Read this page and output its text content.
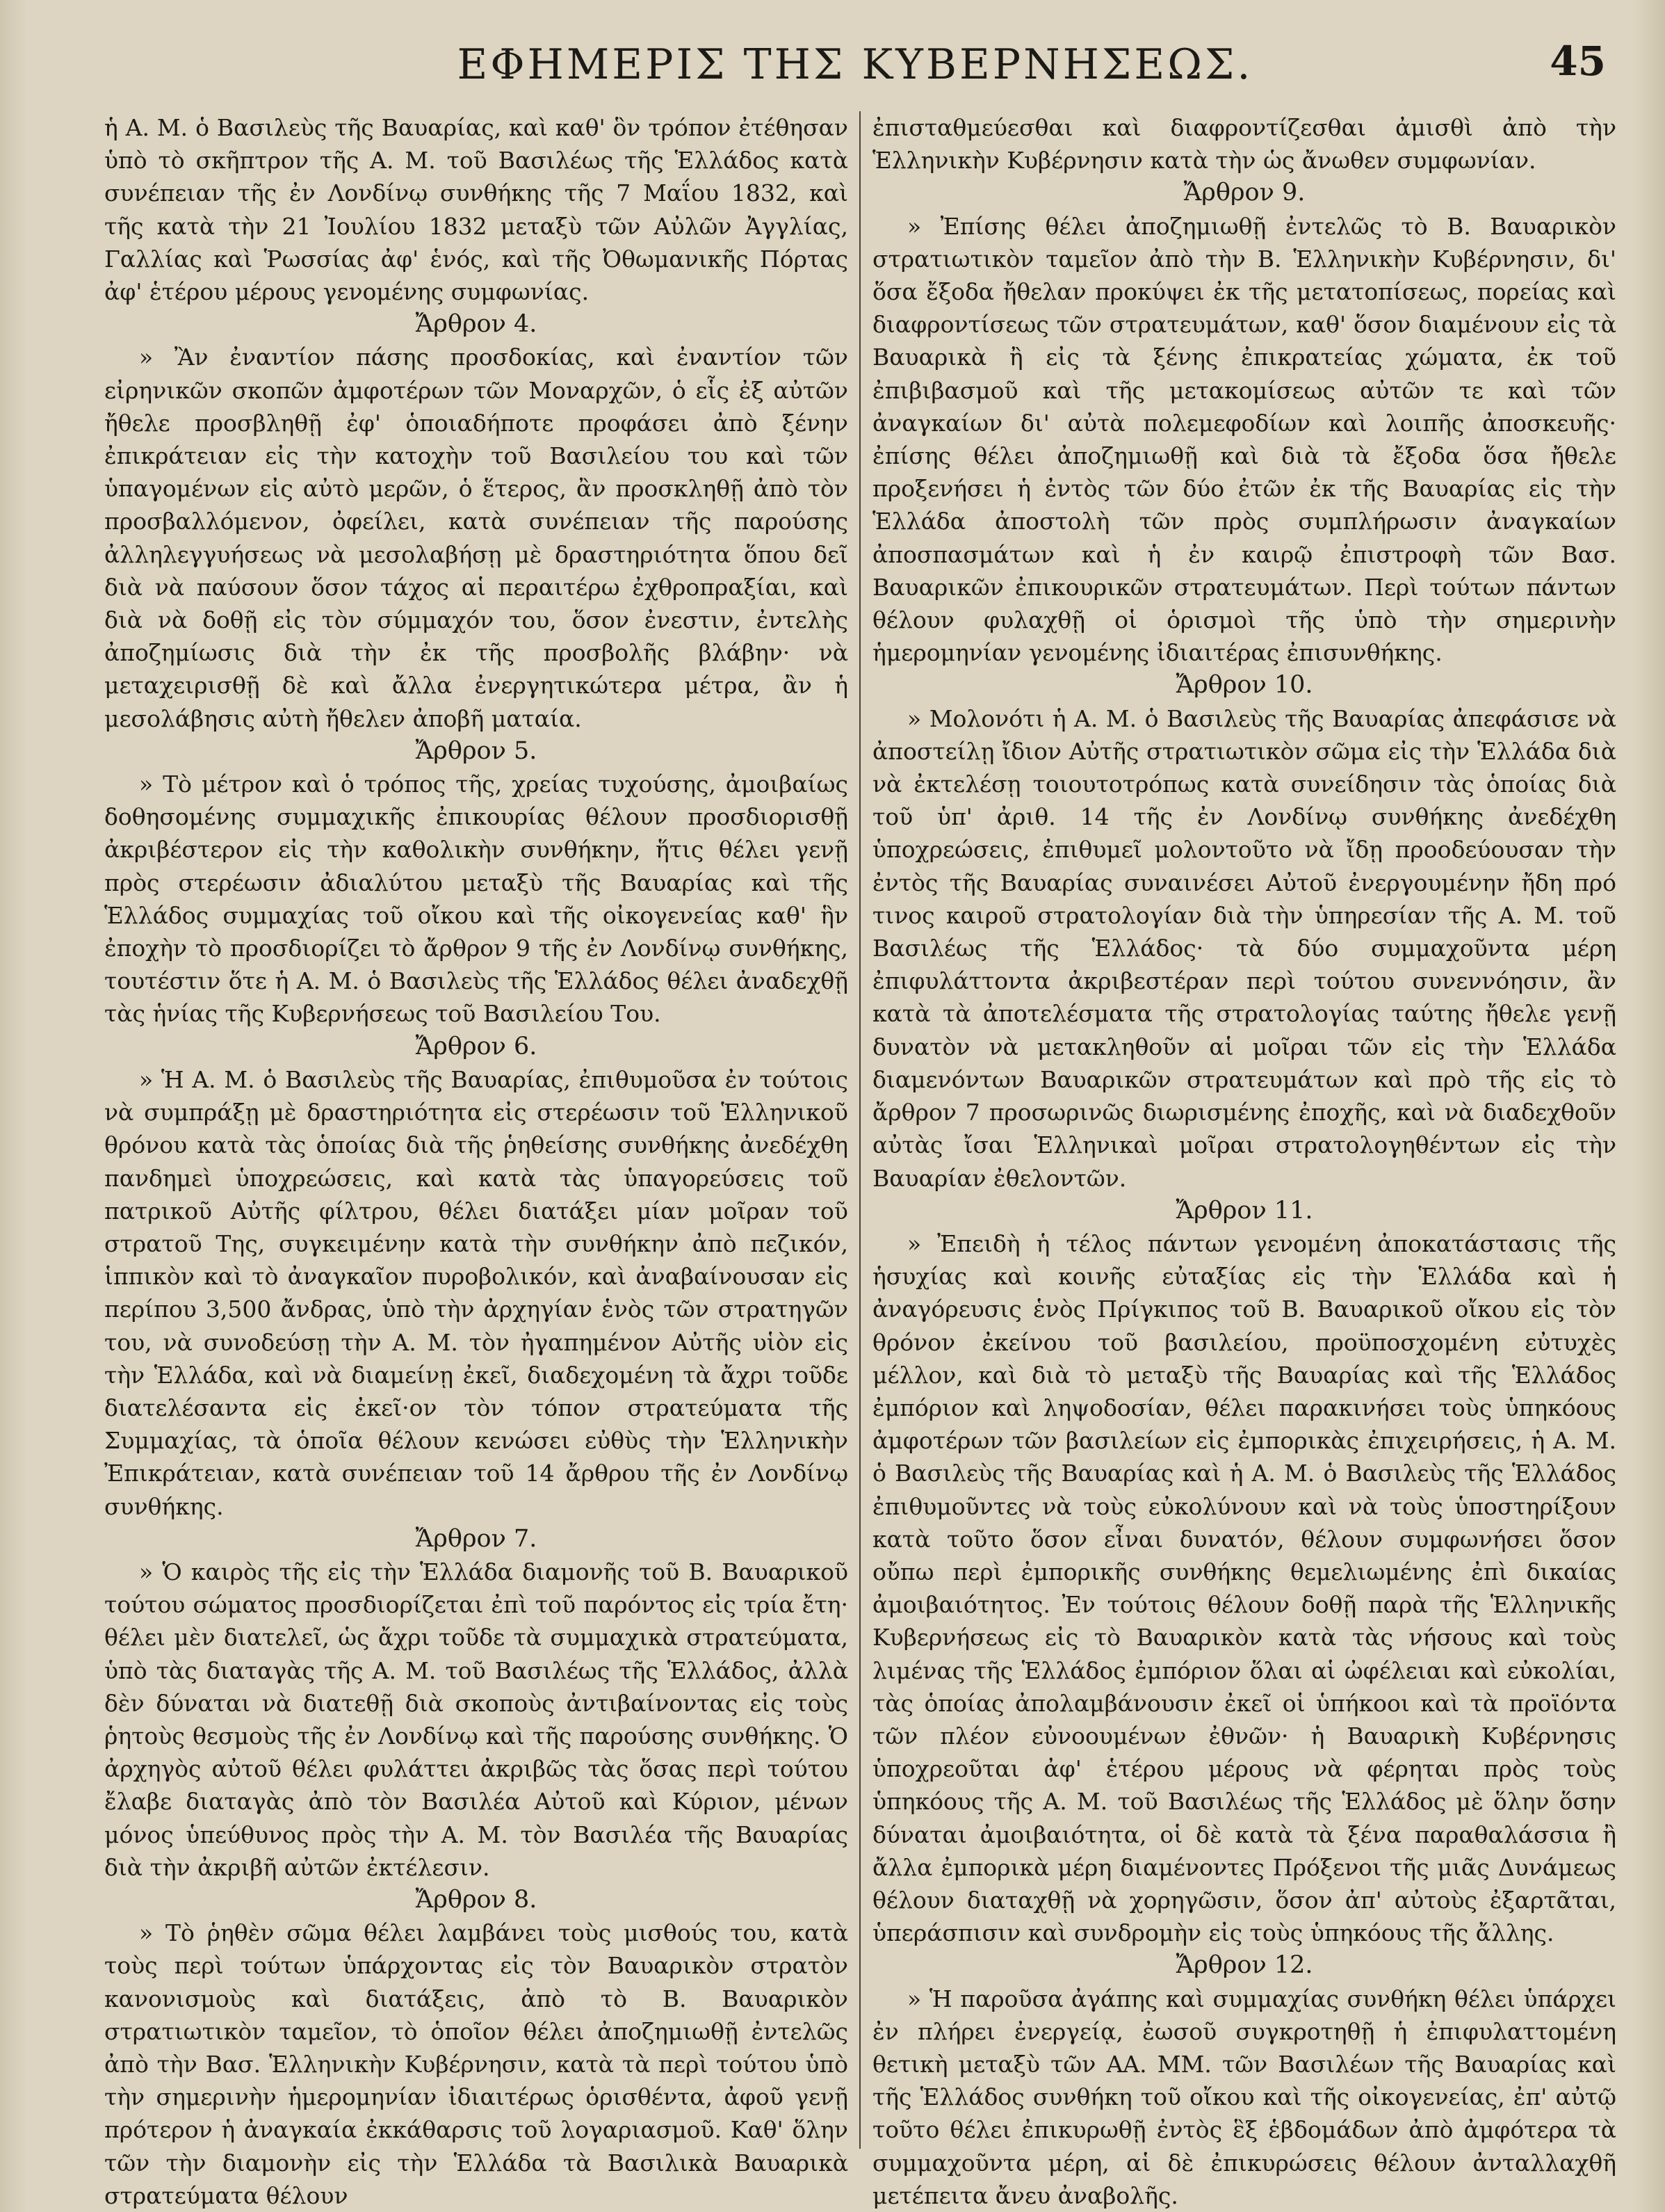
ΕΦΗΜΕΡΙΣ ΤΗΣ ΚΥΒΕΡΝΗΣΕΩΣ.	45

ἡ Α. Μ. ὁ Βασιλεὺς τῆς Βαυαρίας, καὶ καθ' ὃν τρόπον ἐτέθησαν ὑπὸ τὸ σκῆπτρον τῆς Α. Μ. τοῦ Βασιλέως τῆς Ἑλλάδος κατὰ συνέπειαν τῆς ἐν Λονδίνῳ συνθήκης τῆς 7 Μαΐου 1832, καὶ τῆς κατὰ τὴν 21 Ἰουλίου 1832 μεταξὺ τῶν Αὐλῶν Ἀγγλίας, Γαλλίας καὶ Ῥωσσίας ἀφ' ἑνός, καὶ τῆς Ὀθωμανικῆς Πόρτας ἀφ' ἑτέρου μέρους γενομένης συμφωνίας.

Ἄρθρον 4.

» Ἂν ἐναντίον πάσης προσδοκίας, καὶ ἐναντίον τῶν εἰρηνικῶν σκοπῶν ἀμφοτέρων τῶν Μοναρχῶν, ὁ εἷς ἐξ αὐτῶν ἤθελε προσβληθῇ ἐφ' ὁποιαδήποτε προφάσει ἀπὸ ξένην ἐπικράτειαν εἰς τὴν κατοχὴν τοῦ Βασιλείου του καὶ τῶν ὑπαγομένων εἰς αὐτὸ μερῶν, ὁ ἕτερος, ἂν προσκληθῇ ἀπὸ τὸν προσβαλλόμενον, ὀφείλει, κατὰ συνέπειαν τῆς παρούσης ἀλληλεγγυήσεως νὰ μεσολαβήσῃ μὲ δραστηριότητα ὅπου δεῖ διὰ νὰ παύσουν ὅσον τάχος αἱ περαιτέρω ἐχθροπραξίαι, καὶ διὰ νὰ δοθῇ εἰς τὸν σύμμαχόν του, ὅσον ἐνεστιν, ἐντελὴς ἀποζημίωσις διὰ τὴν ἐκ τῆς προσβολῆς βλάβην· νὰ μεταχειρισθῇ δὲ καὶ ἄλλα ἐνεργητικώτερα μέτρα, ἂν ἡ μεσολάβησις αὐτὴ ἤθελεν ἀποβῆ ματαία.

Ἄρθρον 5.

» Τὸ μέτρον καὶ ὁ τρόπος τῆς, χρείας τυχούσης, ἀμοιβαίως δοθησομένης συμμαχικῆς ἐπικουρίας θέλουν προσδιορισθῇ ἀκριβέστερον εἰς τὴν καθολικὴν συνθήκην, ἥτις θέλει γενῇ πρὸς στερέωσιν ἀδιαλύτου μεταξὺ τῆς Βαυαρίας καὶ τῆς Ἑλλάδος συμμαχίας τοῦ οἴκου καὶ τῆς οἰκογενείας καθ' ἣν ἐποχὴν τὸ προσδιορίζει τὸ ἄρθρον 9 τῆς ἐν Λονδίνῳ συνθήκης, τουτέστιν ὅτε ἡ Α. Μ. ὁ Βασιλεὺς τῆς Ἑλλάδος θέλει ἀναδεχθῇ τὰς ἡνίας τῆς Κυβερνήσεως τοῦ Βασιλείου Του.

Ἄρθρον 6.

» Ἡ Α. Μ. ὁ Βασιλεὺς τῆς Βαυαρίας, ἐπιθυμοῦσα ἐν τούτοις νὰ συμπράξῃ μὲ δραστηριότητα εἰς στερέωσιν τοῦ Ἑλληνικοῦ θρόνου κατὰ τὰς ὁποίας διὰ τῆς ῥηθείσης συνθήκης ἀνεδέχθη πανδημεὶ ὑποχρεώσεις, καὶ κατὰ τὰς ὑπαγορεύσεις τοῦ πατρικοῦ Αὐτῆς φίλτρου, θέλει διατάξει μίαν μοῖραν τοῦ στρατοῦ Της, συγκειμένην κατὰ τὴν συνθήκην ἀπὸ πεζικόν, ἱππικὸν καὶ τὸ ἀναγκαῖον πυροβολικόν, καὶ ἀναβαίνουσαν εἰς περίπου 3,500 ἄνδρας, ὑπὸ τὴν ἀρχηγίαν ἑνὸς τῶν στρατηγῶν του, νὰ συνοδεύσῃ τὴν Α. Μ. τὸν ἠγαπημένον Αὐτῆς υἱὸν εἰς τὴν Ἑλλάδα, καὶ νὰ διαμείνῃ ἐκεῖ, διαδεχομένη τὰ ἄχρι τοῦδε διατελέσαντα εἰς ἐκεῖ·ον τὸν τόπον στρατεύματα τῆς Συμμαχίας, τὰ ὁποῖα θέλουν κενώσει εὐθὺς τὴν Ἑλληνικὴν Ἐπικράτειαν, κατὰ συνέπειαν τοῦ 14 ἄρθρου τῆς ἐν Λονδίνῳ συνθήκης.

Ἄρθρον 7.

» Ὁ καιρὸς τῆς εἰς τὴν Ἑλλάδα διαμονῆς τοῦ Β. Βαυαρικοῦ τούτου σώματος προσδιορίζεται ἐπὶ τοῦ παρόντος εἰς τρία ἔτη· θέλει μὲν διατελεῖ, ὡς ἄχρι τοῦδε τὰ συμμαχικὰ στρατεύματα, ὑπὸ τὰς διαταγὰς τῆς Α. Μ. τοῦ Βασιλέως τῆς Ἑλλάδος, ἀλλὰ δὲν δύναται νὰ διατεθῇ διὰ σκοποὺς ἀντιβαίνοντας εἰς τοὺς ῥητοὺς θεσμοὺς τῆς ἐν Λονδίνῳ καὶ τῆς παρούσης συνθήκης. Ὁ ἀρχηγὸς αὐτοῦ θέλει φυλάττει ἀκριβῶς τὰς ὅσας περὶ τούτου ἔλαβε διαταγὰς ἀπὸ τὸν Βασιλέα Αὐτοῦ καὶ Κύριον, μένων μόνος ὑπεύθυνος πρὸς τὴν Α. Μ. τὸν Βασιλέα τῆς Βαυαρίας διὰ τὴν ἀκριβῆ αὐτῶν ἐκτέλεσιν.

Ἄρθρον 8.

» Τὸ ῥηθὲν σῶμα θέλει λαμβάνει τοὺς μισθούς του, κατὰ τοὺς περὶ τούτων ὑπάρχοντας εἰς τὸν Βαυαρικὸν στρατὸν κανονισμοὺς καὶ διατάξεις, ἀπὸ τὸ Β. Βαυαρικὸν στρατιωτικὸν ταμεῖον, τὸ ὁποῖον θέλει ἀποζημιωθῇ ἐντελῶς ἀπὸ τὴν Βασ. Ἑλληνικὴν Κυβέρνησιν, κατὰ τὰ περὶ τούτου ὑπὸ τὴν σημερινὴν ἡμερομηνίαν ἰδιαιτέρως ὁρισθέντα, ἀφοῦ γενῇ πρότερον ἡ ἀναγκαία ἐκκάθαρσις τοῦ λογαριασμοῦ. Καθ' ὅλην τῶν τὴν διαμονὴν εἰς τὴν Ἑλλάδα τὰ Βασιλικὰ Βαυαρικὰ στρατεύματα θέλουν

ἐπισταθμεύεσθαι καὶ διαφροντίζεσθαι ἀμισθὶ ἀπὸ τὴν Ἑλληνικὴν Κυβέρνησιν κατὰ τὴν ὡς ἄνωθεν συμφωνίαν.

Ἄρθρον 9.

» Ἐπίσης θέλει ἀποζημιωθῇ ἐντελῶς τὸ Β. Βαυαρικὸν στρατιωτικὸν ταμεῖον ἀπὸ τὴν Β. Ἑλληνικὴν Κυβέρνησιν, δι' ὅσα ἔξοδα ἤθελαν προκύψει ἐκ τῆς μετατοπίσεως, πορείας καὶ διαφροντίσεως τῶν στρατευμάτων, καθ' ὅσον διαμένουν εἰς τὰ Βαυαρικὰ ἢ εἰς τὰ ξένης ἐπικρατείας χώματα, ἐκ τοῦ ἐπιβιβασμοῦ καὶ τῆς μετακομίσεως αὐτῶν τε καὶ τῶν ἀναγκαίων δι' αὐτὰ πολεμεφοδίων καὶ λοιπῆς ἀποσκευῆς· ἐπίσης θέλει ἀποζημιωθῇ καὶ διὰ τὰ ἔξοδα ὅσα ἤθελε προξενήσει ἡ ἐντὸς τῶν δύο ἐτῶν ἐκ τῆς Βαυαρίας εἰς τὴν Ἑλλάδα ἀποστολὴ τῶν πρὸς συμπλήρωσιν ἀναγκαίων ἀποσπασμάτων καὶ ἡ ἐν καιρῷ ἐπιστροφὴ τῶν Βασ. Βαυαρικῶν ἐπικουρικῶν στρατευμάτων. Περὶ τούτων πάντων θέλουν φυλαχθῇ οἱ ὁρισμοὶ τῆς ὑπὸ τὴν σημερινὴν ἡμερομηνίαν γενομένης ἰδιαιτέρας ἐπισυνθήκης.

Ἄρθρον 10.

» Μολονότι ἡ Α. Μ. ὁ Βασιλεὺς τῆς Βαυαρίας ἀπεφάσισε νὰ ἀποστείλῃ ἴδιον Αὐτῆς στρατιωτικὸν σῶμα εἰς τὴν Ἑλλάδα διὰ νὰ ἐκτελέσῃ τοιουτοτρόπως κατὰ συνείδησιν τὰς ὁποίας διὰ τοῦ ὑπ' ἀριθ. 14 τῆς ἐν Λονδίνῳ συνθήκης ἀνεδέχθη ὑποχρεώσεις, ἐπιθυμεῖ μολοντοῦτο νὰ ἴδῃ προοδεύουσαν τὴν ἐντὸς τῆς Βαυαρίας συναινέσει Αὐτοῦ ἐνεργουμένην ἤδη πρό τινος καιροῦ στρατολογίαν διὰ τὴν ὑπηρεσίαν τῆς Α. Μ. τοῦ Βασιλέως τῆς Ἑλλάδος· τὰ δύο συμμαχοῦντα μέρη ἐπιφυλάττοντα ἀκριβεστέραν περὶ τούτου συνεννόησιν, ἂν κατὰ τὰ ἀποτελέσματα τῆς στρατολογίας ταύτης ἤθελε γενῇ δυνατὸν νὰ μετακληθοῦν αἱ μοῖραι τῶν εἰς τὴν Ἑλλάδα διαμενόντων Βαυαρικῶν στρατευμάτων καὶ πρὸ τῆς εἰς τὸ ἄρθρον 7 προσωρινῶς διωρισμένης ἐποχῆς, καὶ νὰ διαδεχθοῦν αὐτὰς ἴσαι Ἑλληνικαὶ μοῖραι στρατολογηθέντων εἰς τὴν Βαυαρίαν ἐθελοντῶν.

Ἄρθρον 11.

» Ἐπειδὴ ἡ τέλος πάντων γενομένη ἀποκατάστασις τῆς ἡσυχίας καὶ κοινῆς εὐταξίας εἰς τὴν Ἑλλάδα καὶ ἡ ἀναγόρευσις ἑνὸς Πρίγκιπος τοῦ Β. Βαυαρικοῦ οἴκου εἰς τὸν θρόνον ἐκείνου τοῦ βασιλείου, προϋποσχομένη εὐτυχὲς μέλλον, καὶ διὰ τὸ μεταξὺ τῆς Βαυαρίας καὶ τῆς Ἑλλάδος ἐμπόριον καὶ ληψοδοσίαν, θέλει παρακινήσει τοὺς ὑπηκόους ἀμφοτέρων τῶν βασιλείων εἰς ἐμπορικὰς ἐπιχειρήσεις, ἡ Α. Μ. ὁ Βασιλεὺς τῆς Βαυαρίας καὶ ἡ Α. Μ. ὁ Βασιλεὺς τῆς Ἑλλάδος ἐπιθυμοῦντες νὰ τοὺς εὐκολύνουν καὶ νὰ τοὺς ὑποστηρίξουν κατὰ τοῦτο ὅσον εἶναι δυνατόν, θέλουν συμφωνήσει ὅσον οὔπω περὶ ἐμπορικῆς συνθήκης θεμελιωμένης ἐπὶ δικαίας ἀμοιβαιότητος. Ἐν τούτοις θέλουν δοθῇ παρὰ τῆς Ἑλληνικῆς Κυβερνήσεως εἰς τὸ Βαυαρικὸν κατὰ τὰς νήσους καὶ τοὺς λιμένας τῆς Ἑλλάδος ἐμπόριον ὅλαι αἱ ὠφέλειαι καὶ εὐκολίαι, τὰς ὁποίας ἀπολαμβάνουσιν ἐκεῖ οἱ ὑπήκοοι καὶ τὰ προϊόντα τῶν πλέον εὐνοουμένων ἐθνῶν· ἡ Βαυαρικὴ Κυβέρνησις ὑποχρεοῦται ἀφ' ἑτέρου μέρους νὰ φέρηται πρὸς τοὺς ὑπηκόους τῆς Α. Μ. τοῦ Βασιλέως τῆς Ἑλλάδος μὲ ὅλην ὅσην δύναται ἀμοιβαιότητα, οἱ δὲ κατὰ τὰ ξένα παραθαλάσσια ἢ ἄλλα ἐμπορικὰ μέρη διαμένοντες Πρόξενοι τῆς μιᾶς Δυνάμεως θέλουν διαταχθῇ νὰ χορηγῶσιν, ὅσον ἀπ' αὐτοὺς ἐξαρτᾶται, ὑπεράσπισιν καὶ συνδρομὴν εἰς τοὺς ὑπηκόους τῆς ἄλλης.

Ἄρθρον 12.

» Ἡ παροῦσα ἀγάπης καὶ συμμαχίας συνθήκη θέλει ὑπάρχει ἐν πλήρει ἐνεργείᾳ, ἐωσοῦ συγκροτηθῇ ἡ ἐπιφυλαττομένη θετικὴ μεταξὺ τῶν ΑΑ. ΜΜ. τῶν Βασιλέων τῆς Βαυαρίας καὶ τῆς Ἑλλάδος συνθήκη τοῦ οἴκου καὶ τῆς οἰκογενείας, ἐπ' αὐτῷ τοῦτο θέλει ἐπικυρωθῇ ἐντὸς ἓξ ἑβδομάδων ἀπὸ ἀμφότερα τὰ συμμαχοῦντα μέρη, αἱ δὲ ἐπικυρώσεις θέλουν ἀνταλλαχθῆ μετέπειτα ἄνευ ἀναβολῆς.
